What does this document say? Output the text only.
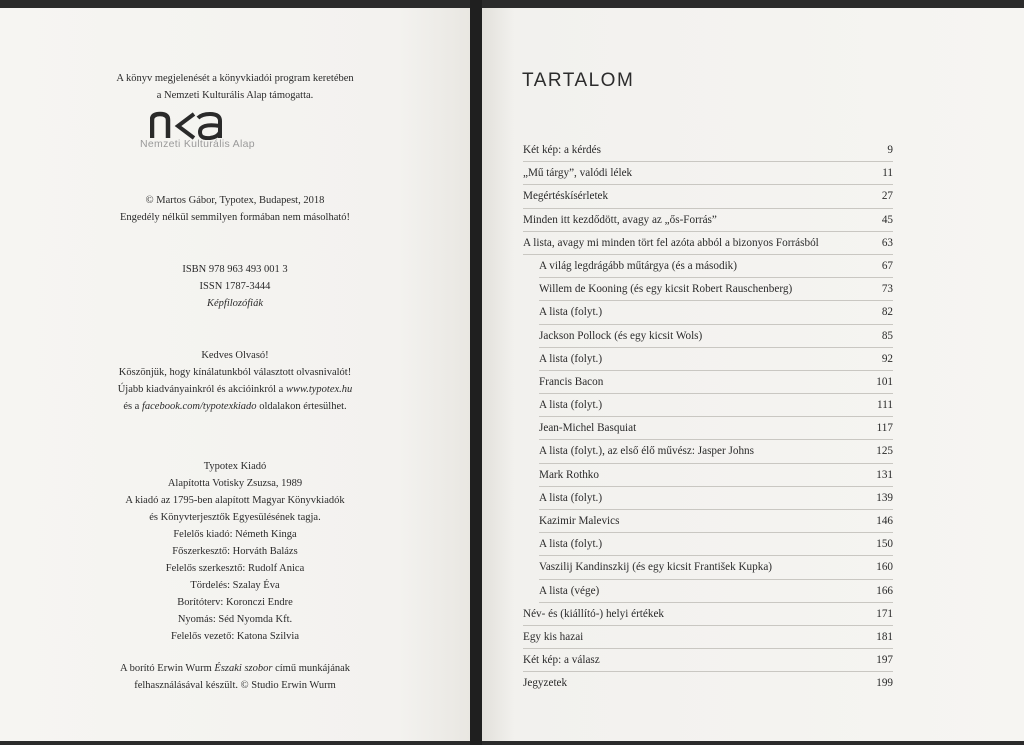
A könyv megjelenését a könyvkiadói program keretében
a Nemzeti Kulturális Alap támogatta.
Nemzeti Kulturális Alap
© Martos Gábor, Typotex, Budapest, 2018
Engedély nélkül semmilyen formában nem másolható!
ISBN 978 963 493 001 3
ISSN 1787-3444
Képfilozófiák
Kedves Olvasó!
Köszönjük, hogy kínálatunkból választott olvasnivalót!
Újabb kiadványainkról és akcióinkról a www.typotex.hu
és a facebook.com/typotexkiado oldalakon értesülhet.
Typotex Kiadó
Alapította Votisky Zsuzsa, 1989
A kiadó az 1795-ben alapított Magyar Könyvkiadók
és Könyvterjesztők Egyesülésének tagja.
Felelős kiadó: Németh Kinga
Főszerkesztő: Horváth Balázs
Felelős szerkesztő: Rudolf Anica
Tördelés: Szalay Éva
Borítóterv: Koronczi Endre
Nyomás: Séd Nyomda Kft.
Felelős vezető: Katona Szilvia
A borító Erwin Wurm Északi szobor című munkájának
felhasználásával készült. © Studio Erwin Wurm
TARTALOM
Két kép: a kérdés	9
„Mű tárgy”, valódi lélek	11
Megértéskísérletek	27
Minden itt kezdődött, avagy az „ős-Forrás”	45
A lista, avagy mi minden tört fel azóta abból a bizonyos Forrásból	63
A világ legdrágább műtárgya (és a második)	67
Willem de Kooning (és egy kicsit Robert Rauschenberg)	73
A lista (folyt.)	82
Jackson Pollock (és egy kicsit Wols)	85
A lista (folyt.)	92
Francis Bacon	101
A lista (folyt.)	111
Jean-Michel Basquiat	117
A lista (folyt.), az első élő művész: Jasper Johns	125
Mark Rothko	131
A lista (folyt.)	139
Kazimir Malevics	146
A lista (folyt.)	150
Vaszilij Kandinszkij (és egy kicsit František Kupka)	160
A lista (vége)	166
Név- és (kiállító-) helyi értékek	171
Egy kis hazai	181
Két kép: a válasz	197
Jegyzetek	199
